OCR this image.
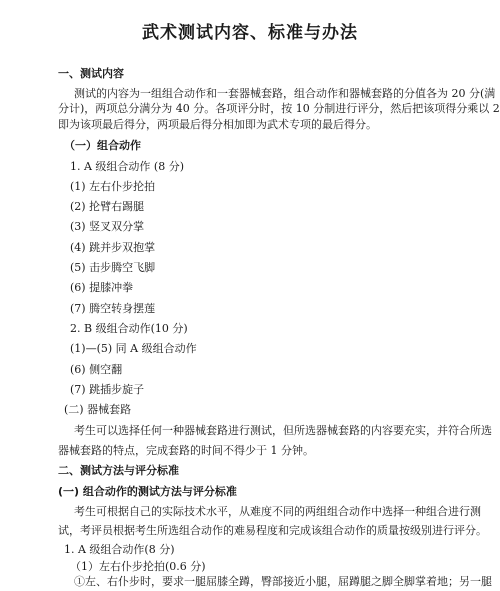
武术测试内容、标准与办法
一、测试内容
测试的内容为一组组合动作和一套器械套路，组合动作和器械套路的分值各为 20 分(满
分计)，两项总分满分为 40 分。各项评分时，按 10 分制进行评分，然后把该项得分乘以 2
即为该项最后得分，两项最后得分相加即为武术专项的最后得分。
（一）组合动作
1. A 级组合动作 (8 分)
(1) 左右仆步抡拍
(2) 抡臂右踢腿
(3) 竖叉双分掌
(4) 跳并步双抱掌
(5) 击步腾空飞脚
(6) 提膝冲拳
(7) 腾空转身摆莲
2. B 级组合动作(10 分)
(1)—(5) 同 A 级组合动作
(6) 侧空翻
(7) 跳插步旋子
(二) 器械套路
考生可以选择任何一种器械套路进行测试，但所选器械套路的内容要充实，并符合所选
器械套路的特点，完成套路的时间不得少于 1 分钟。
二、测试方法与评分标准
(一) 组合动作的测试方法与评分标准
考生可根据自己的实际技术水平，从难度不同的两组组合动作中选择一种组合进行测
试，考评员根据考生所选组合动作的难易程度和完成该组合动作的质量按级别进行评分。
1. A 级组合动作(8 分)
（1）左右仆步抡拍(0.6 分)
①左、右仆步时，要求一腿屈膝全蹲，臀部接近小腿，屈蹲腿之脚全脚掌着地；另一腿
